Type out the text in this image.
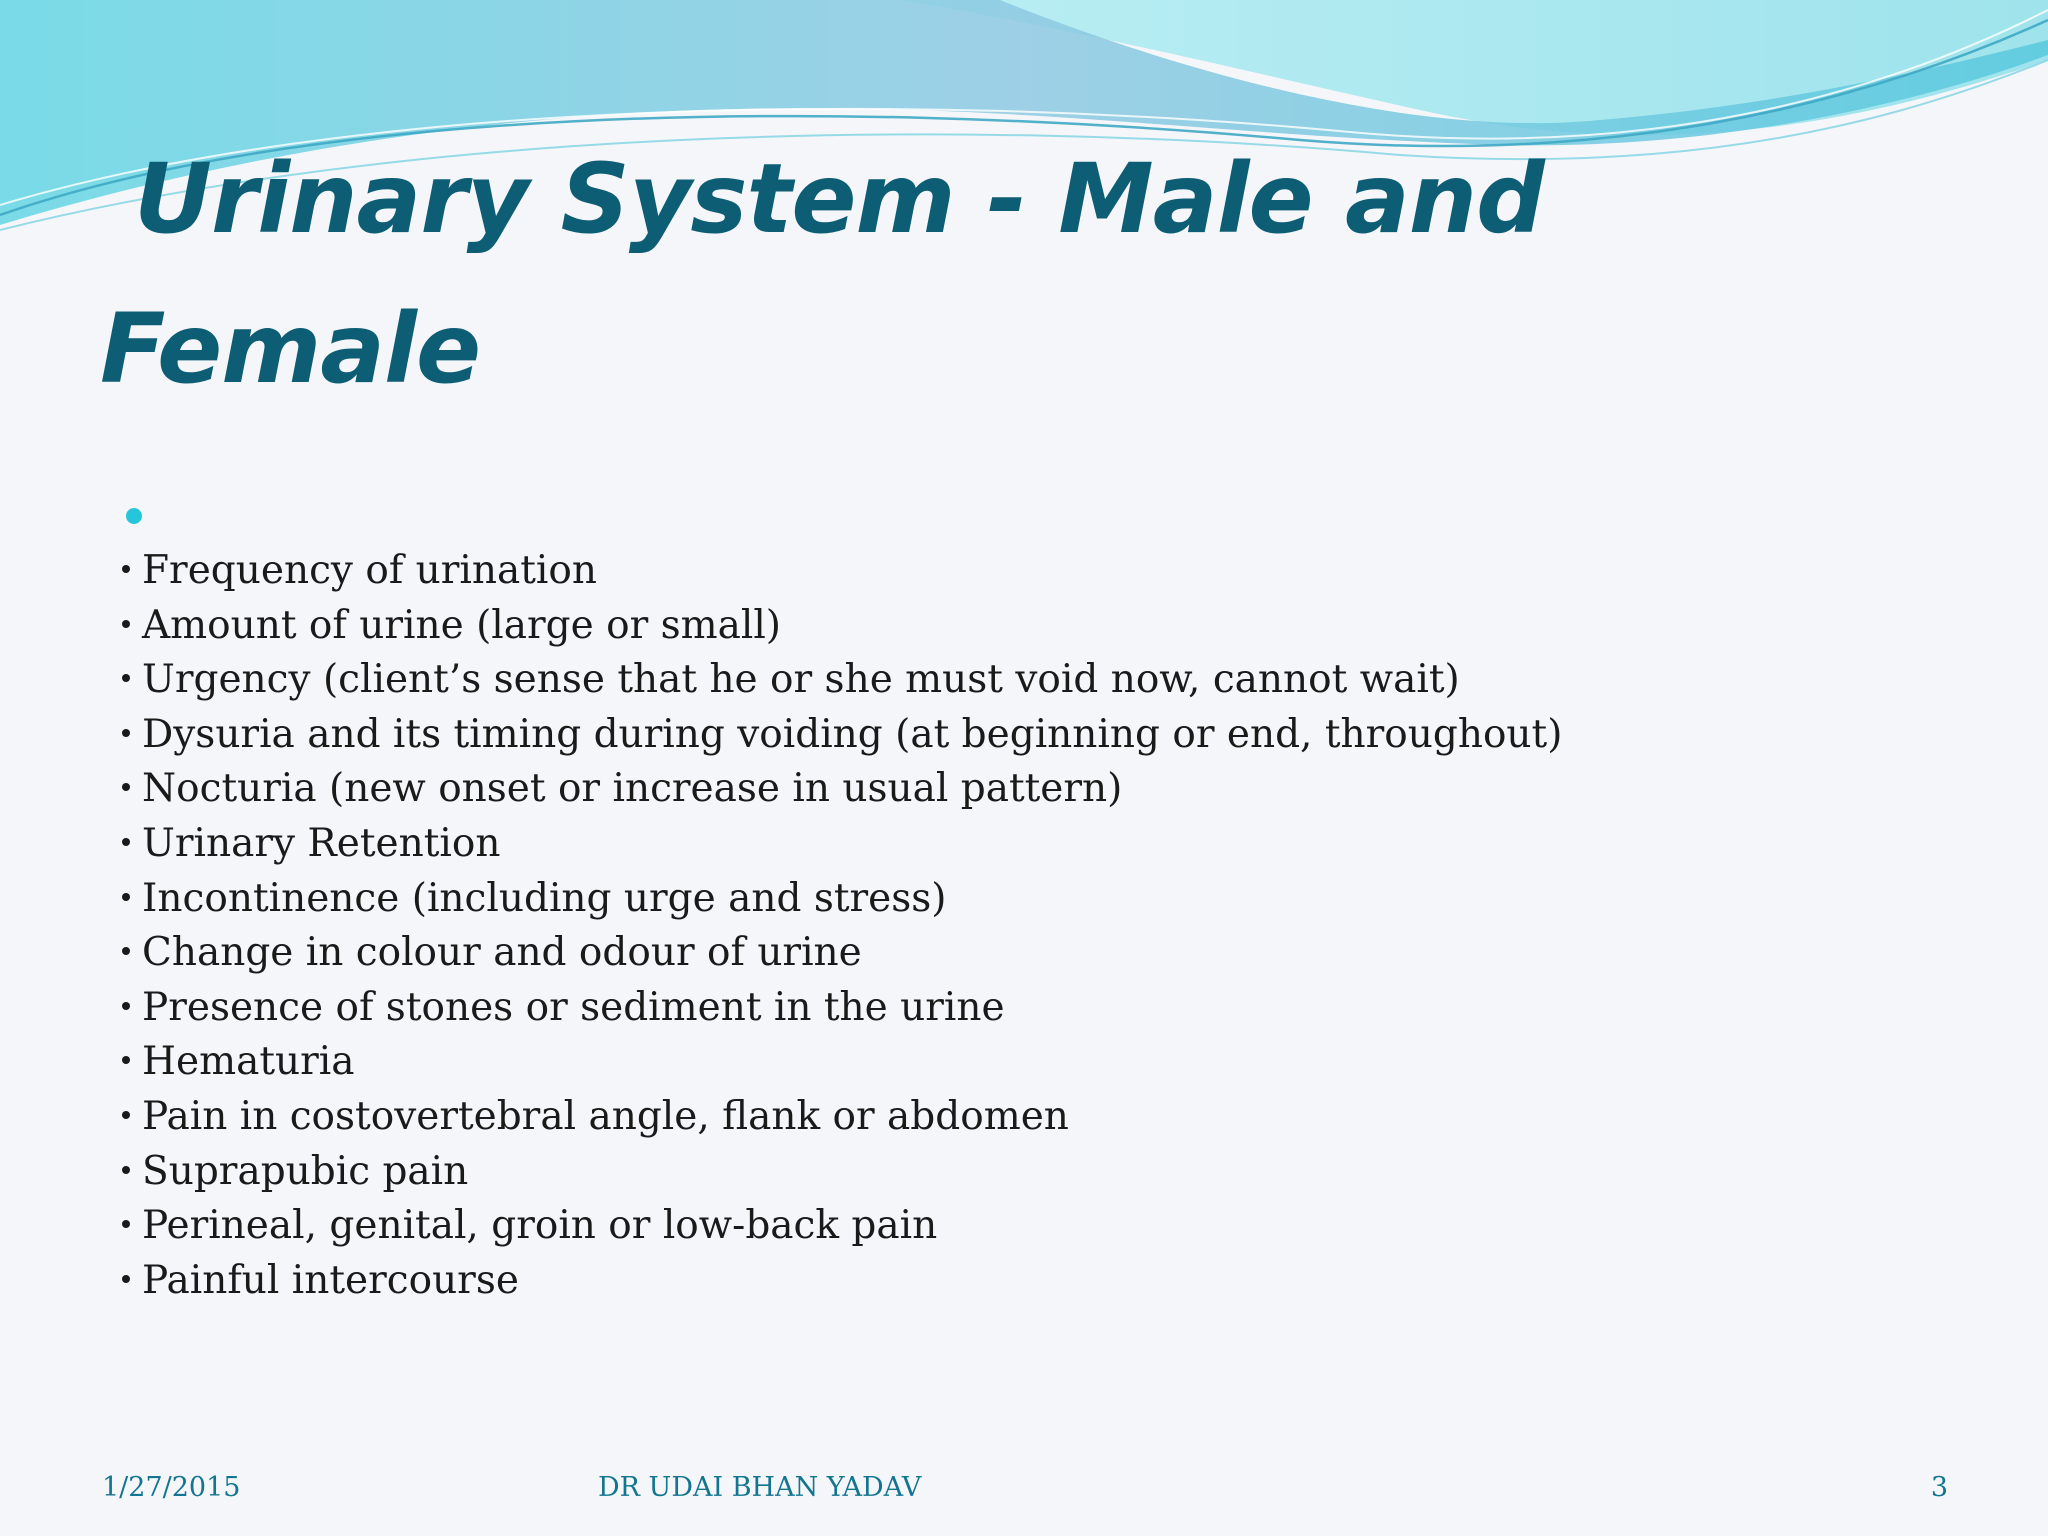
Urinary System - Male and
Female
Frequency of urination
Amount of urine (large or small)
Urgency (client’s sense that he or she must void now, cannot wait)
Dysuria and its timing during voiding (at beginning or end, throughout)
Nocturia (new onset or increase in usual pattern)
Urinary Retention
Incontinence (including urge and stress)
Change in colour and odour of urine
Presence of stones or sediment in the urine
Hematuria
Pain in costovertebral angle, flank or abdomen
Suprapubic pain
Perineal, genital, groin or low-back pain
Painful intercourse
1/27/2015	DR UDAI BHAN YADAV	3
